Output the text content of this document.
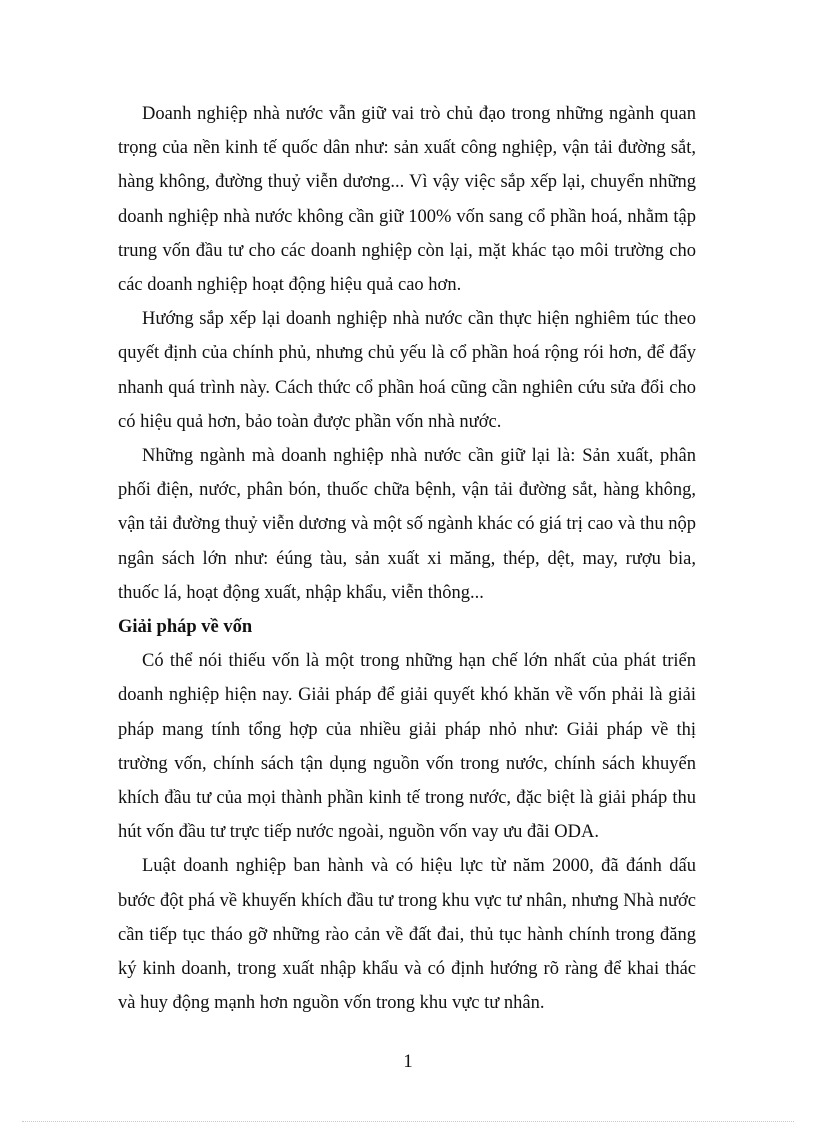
Doanh nghiệp nhà nước vẫn giữ vai trò chủ đạo trong những ngành quan trọng của nền kinh tế quốc dân như: sản xuất công nghiệp, vận tải đường sắt, hàng không, đường thuỷ viễn dương... Vì vậy việc sắp xếp lại, chuyển những doanh nghiệp nhà nước không cần giữ 100% vốn sang cổ phần hoá, nhằm tập trung vốn đầu tư cho các doanh nghiệp còn lại, mặt khác tạo môi trường cho các doanh nghiệp hoạt động hiệu quả cao hơn.

Hướng sắp xếp lại doanh nghiệp nhà nước cần thực hiện nghiêm túc theo quyết định của chính phủ, nhưng chủ yếu là cổ phần hoá rộng rói hơn, để đẩy nhanh quá trình này. Cách thức cổ phần hoá cũng cần nghiên cứu sửa đổi cho có hiệu quả hơn, bảo toàn được phần vốn nhà nước.

Những ngành mà doanh nghiệp nhà nước cần giữ lại là: Sản xuất, phân phối điện, nước, phân bón, thuốc chữa bệnh, vận tải đường sắt, hàng không, vận tải đường thuỷ viễn dương và một số ngành khác có giá trị cao và thu nộp ngân sách lớn như: éúng tàu, sản xuất xi măng, thép, dệt, may, rượu bia, thuốc lá, hoạt động xuất, nhập khẩu, viễn thông...

Giải pháp về vốn

Có thể nói thiếu vốn là một trong những hạn chế lớn nhất của phát triển doanh nghiệp hiện nay. Giải pháp để giải quyết khó khăn về vốn phải là giải pháp mang tính tổng hợp của nhiều giải pháp nhỏ như: Giải pháp về thị trường vốn, chính sách tận dụng nguồn vốn trong nước, chính sách khuyến khích đầu tư của mọi thành phần kinh tế trong nước, đặc biệt là giải pháp thu hút vốn đầu tư trực tiếp nước ngoài, nguồn vốn vay ưu đãi ODA.

Luật doanh nghiệp ban hành và có hiệu lực từ năm 2000, đã đánh dấu bước đột phá về khuyến khích đầu tư trong khu vực tư nhân, nhưng Nhà nước cần tiếp tục tháo gỡ những rào cản về đất đai, thủ tục hành chính trong đăng ký kinh doanh, trong xuất nhập khẩu và có định hướng rõ ràng để khai thác và huy động mạnh hơn nguồn vốn trong khu vực tư nhân.

1
